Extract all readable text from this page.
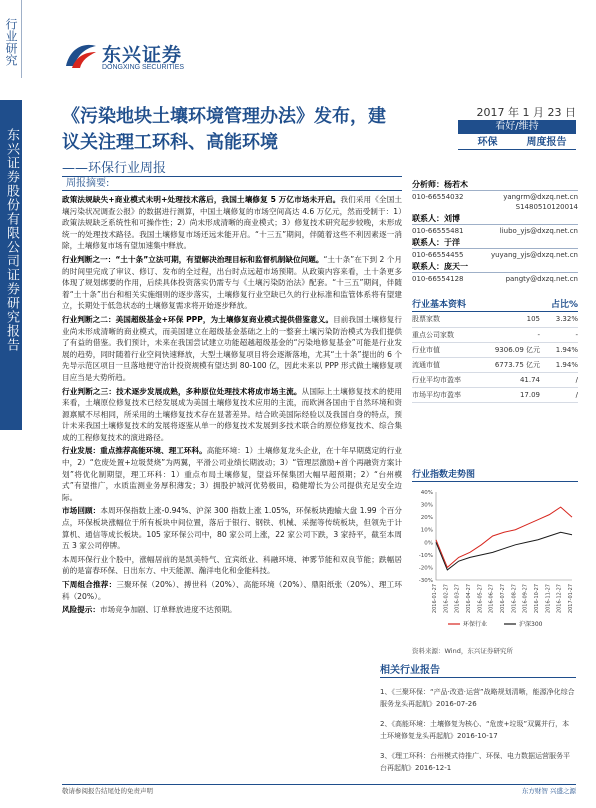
行业研究
东兴证券股份有限公司证券研究报告
东兴证券
DONGXING SECURITIES
《污染地块土壤环境管理办法》发布，建议关注理工环科、高能环境
——环保行业周报
2017 年 1 月 23 日
看好/维持
环保	周度报告
周报摘要:

政策法规缺失+商业模式未明+处理技术落后，我国土壤修复 5 万亿市场未开启。我们采用《全国土壤污染状况调查公报》的数据进行测算，中国土壤修复的市场空间高达 4.6 万亿元，然而受制于：1）政策法规缺乏系统性和可操作性；2）尚未形成清晰的商业模式；3）修复技术研究起步较晚，未形成统一的处理技术路径。我国土壤修复市场还远未能开启。“十三五”期间，伴随着这些不利因素逐一消除，土壤修复市场有望加速集中释放。

行业判断之一：“土十条”立法可期，有望解决治理目标和监督机制缺位问题。“土十条”在下到 2 个月的时间里完成了审议、修订、发布的全过程，出台时点远超市场预期。从政策内容来看，土十条更多体现了规划绑要的作用，后续具体投资落实仍需专与《土壤污染防治法》配套。“十三五”期间，伴随着“土十条”出台和相关实施细则的逐步落实，土壤修复行业空缺已久的行业标准和监管体系将有望建立，长期处于低急状态的土壤修复需求将开始逐步释放。

行业判断之二：美国超级基金+环保 PPP，为土壤修复商业模式提供借鉴意义。目前我国土壤修复行业尚未形成清晰的商业模式，而美国建立在超级基金基础之上的一整套土壤污染防治模式为我们提供了有益的借鉴。我们预计，未来在我国尝试建立功能超越超级基金的“污染地修复基金”可能是行业发展的趋势，同时随着行业空间快速释放，大型土壤修复项目将会逐渐落地，尤其“土十条”提出的 6 个先导示范区项目一旦落地便守治计投资规模有望达到 80-100 亿，因此未来以 PPP 形式做土壤修复项目应当是大势所趋。

行业判断之三：技术逐步发展成熟，多种原位处理技术将成市场主流。从国际上土壤修复技术的使用来看，土壤原位修复技术已经发展成为美国土壤修复技术应用的主流，而欧洲各国由于自然环境和资源禀赋不尽相同，所采用的土壤修复技术存在显著差异。结合欧美国际经验以及我国自身的特点，预计未来我国土壤修复技术的发展将逐鉴从单一的修复技术发展到多技术联合的原位修复技术、综合集成的工程修复技术的演进路径。

行业发展：重点推荐高能环境、理工环科。高能环境：1）土壤修复龙头企业，在十年早期奠定的行业中，2）“危废处置+垃圾焚烧”为两翼，平滑公司业绩长期波动；3）“管理层激励+首个再融资方案计划”将优化制期望，理工环科：1）重点布局土壤修复，望益环保集团大幅早超预期；2）“台州模式”有望推广，水质监测业务厚积薄发；3）拥股护城河优势极田，稳健增长为公司提供充足安全边际。

市场回顾：本周环保指数上涨-0.94%、沪深 300 指数上涨 1.05%，环保板块跑输大盘 1.99 个百分点，环保板块涨幅位于所有板块中间位置，落后于银行、钢铁、机械、采掘等传统板块，但领先于计算机、通信等成长板块。105 家环保公司中，80 家公司上涨，22 家公司下跌，3 家持平，截至本周五 3 家公司停牌。

本周环保行业个股中，涨幅居前的是凯美特气、宜宾纸业、科融环境、神雾节能和双良节能；跌幅居前的是富春环保、日出东方、中天能源、瀚洋电化和金能科技。

下周组合推荐：三聚环保（20%）、搏世科（20%）、高能环境（20%）、鼎阳纸张（20%）、理工环科（20%）。

风险提示：市场竞争加剧、订单释放进度不达预期。

分析师：杨若木
010-66554032	yangrm@dxzq.net.cn
S1480510120014
联系人：刘博
010-66555481	liubo_yjs@dxzq.net.cn
联系人：于洋
010-66554455	yuyang_yjs@dxzq.net.cn
联系人：庞天一
010-66554128	pangty@dxzq.net.cn
行业基本资料	占比%
股票家数	105	3.32%
重点公司家数	-	-
行业市值	9306.09 亿元	1.94%
流通市值	6773.75 亿元	1.94%
行业平均市盈率	41.74	/
市场平均市盈率	17.09	/
行业指数走势图
40%
30%
20%
10%
0%
-10%
-20%
-30%
2016-01-27 2016-02-27 2016-03-27 2016-04-27 2016-05-27 2016-06-27 2016-07-27 2016-08-27 2016-09-27 2016-10-27 2016-11-27 2016-12-27 2017-01-27
环保行业	沪深300
资料来源：Wind，东兴证券研究所
相关行业报告
1、《三聚环保：“产品·改造·运营”战略规划清晰，能源净化综合服务龙头再起航》2016-07-26
2、《高能环境：土壤修复为核心、“危废+垃圾”双翼并行，本土环境修复龙头再起航》2016-10-17
3、《理工环科：台州模式待推广、环保、电力数据运营服务平台再起航》2016-12-1
敬请参阅报告结尾处的免责声明	东方财智 兴盛之源
